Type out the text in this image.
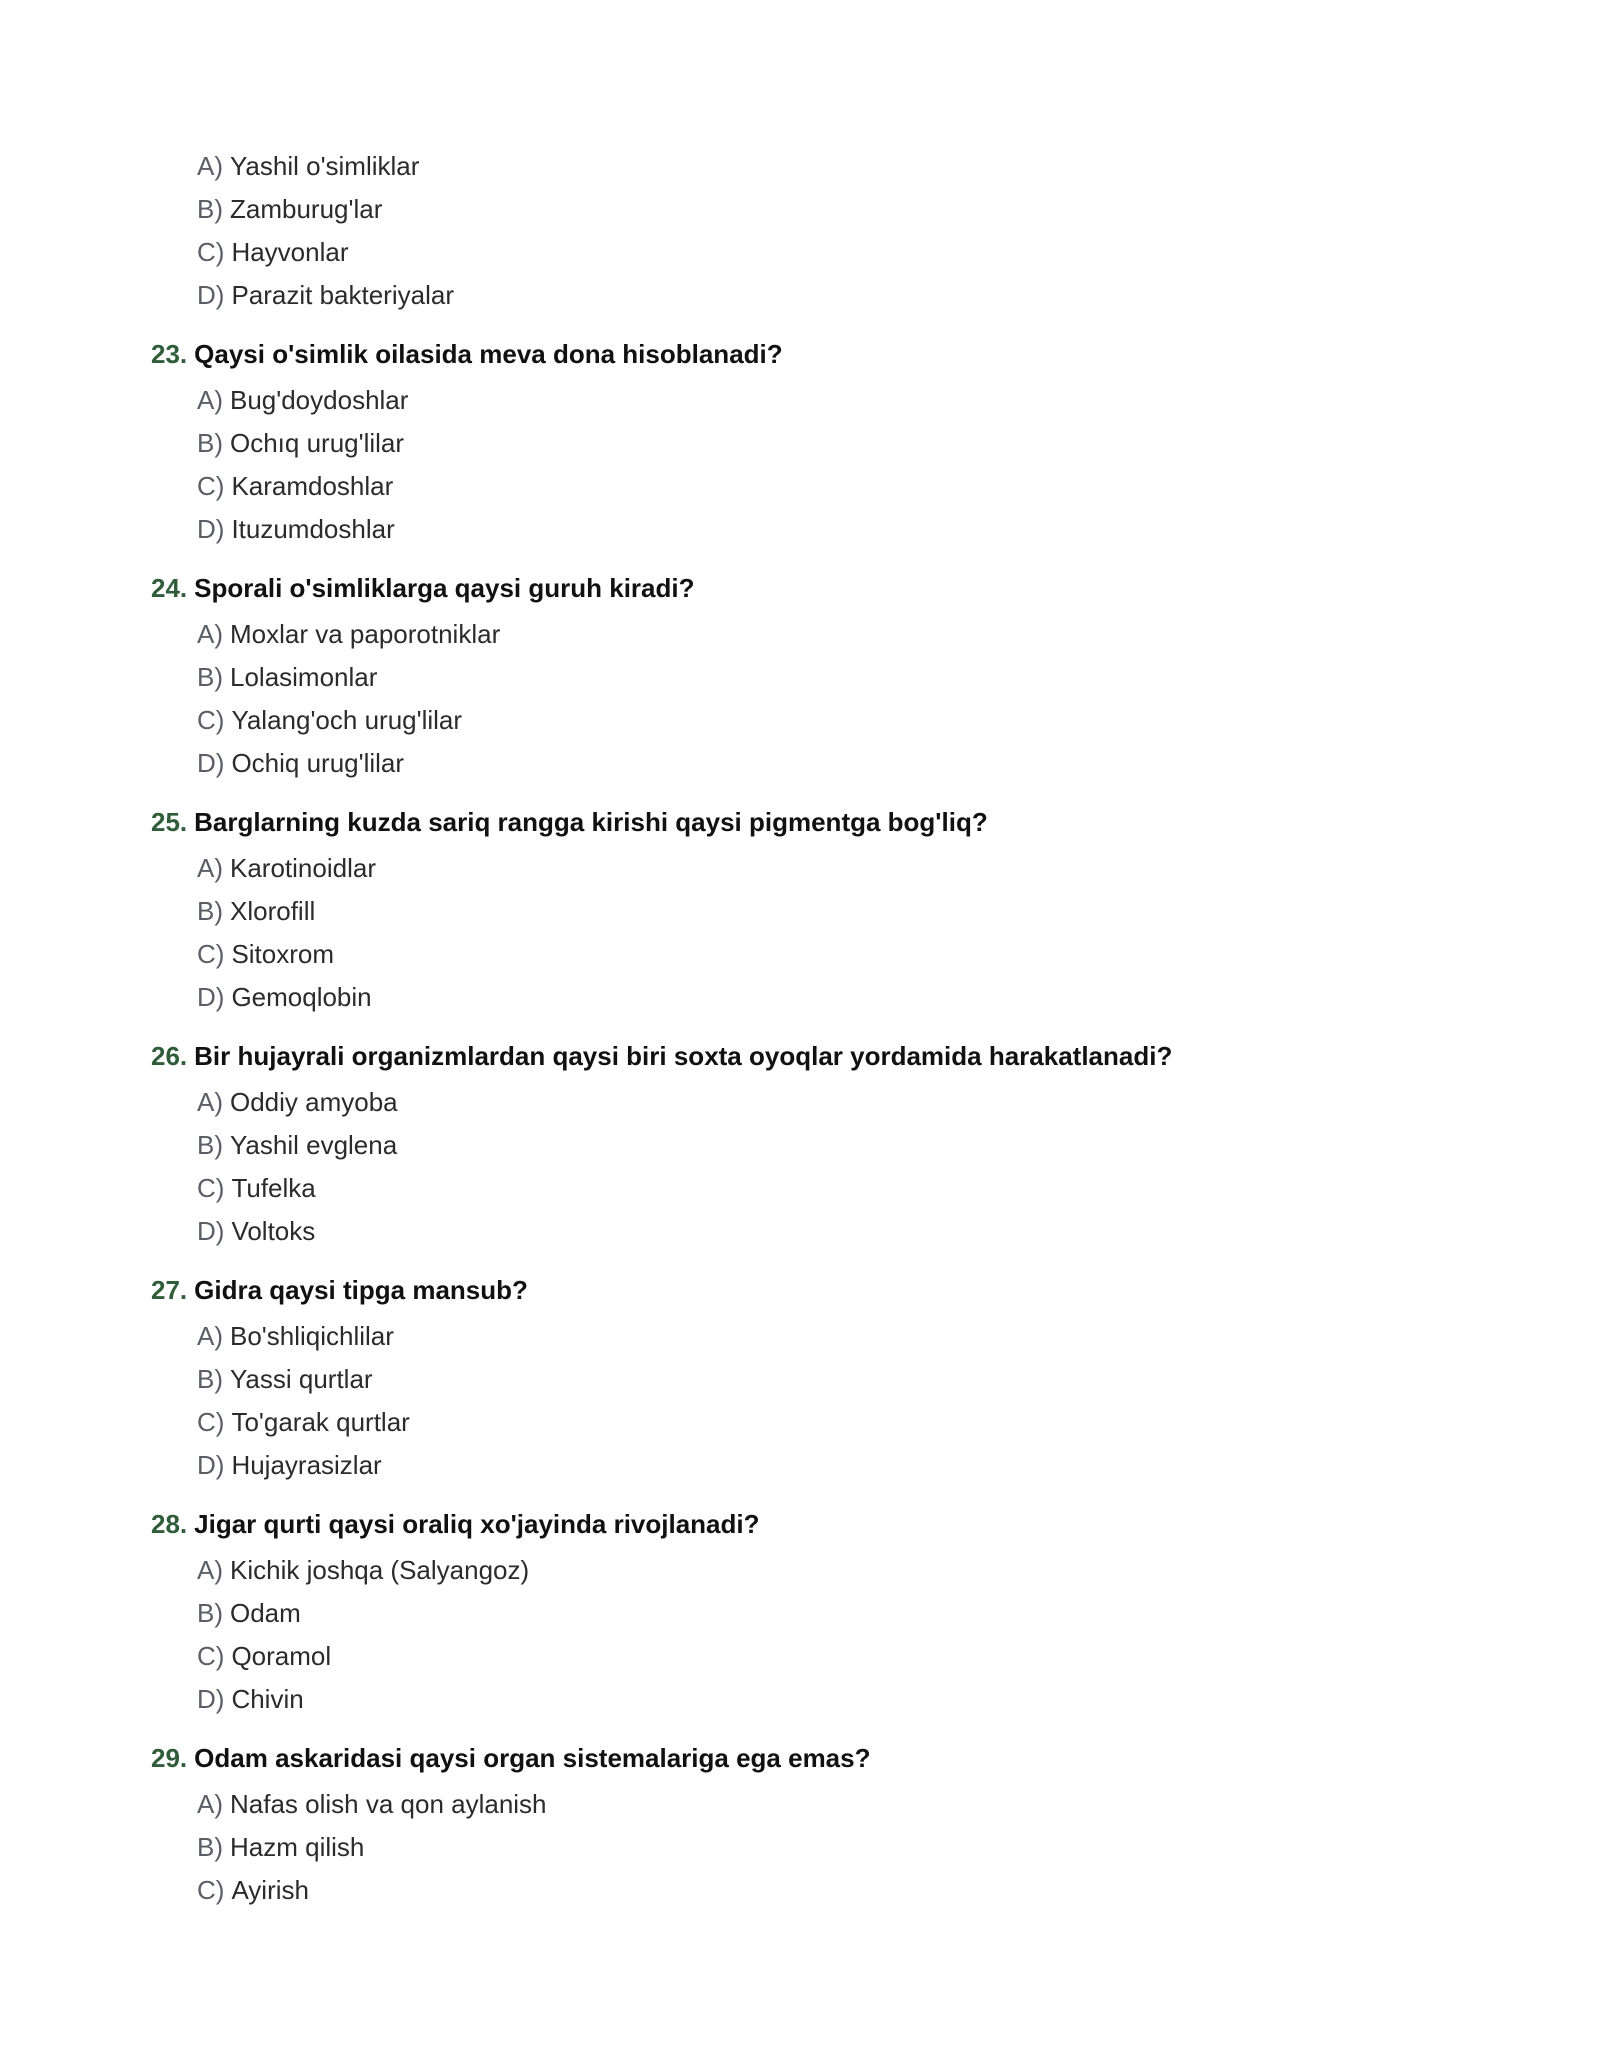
A) Yashil o'simliklar
B) Zamburug'lar
C) Hayvonlar
D) Parazit bakteriyalar
23. Qaysi o'simlik oilasida meva dona hisoblanadi?
A) Bug'doydoshlar
B) Ochıq urug'lilar
C) Karamdoshlar
D) Ituzumdoshlar
24. Sporali o'simliklarga qaysi guruh kiradi?
A) Moxlar va paporotniklar
B) Lolasimonlar
C) Yalang'och urug'lilar
D) Ochiq urug'lilar
25. Barglarning kuzda sariq rangga kirishi qaysi pigmentga bog'liq?
A) Karotinoidlar
B) Xlorofill
C) Sitoxrom
D) Gemoqlobin
26. Bir hujayrali organizmlardan qaysi biri soxta oyoqlar yordamida harakatlanadi?
A) Oddiy amyoba
B) Yashil evglena
C) Tufelka
D) Voltoks
27. Gidra qaysi tipga mansub?
A) Bo'shliqichlilar
B) Yassi qurtlar
C) To'garak qurtlar
D) Hujayrasizlar
28. Jigar qurti qaysi oraliq xo'jayinda rivojlanadi?
A) Kichik joshqa (Salyangoz)
B) Odam
C) Qoramol
D) Chivin
29. Odam askaridasi qaysi organ sistemalariga ega emas?
A) Nafas olish va qon aylanish
B) Hazm qilish
C) Ayirish
